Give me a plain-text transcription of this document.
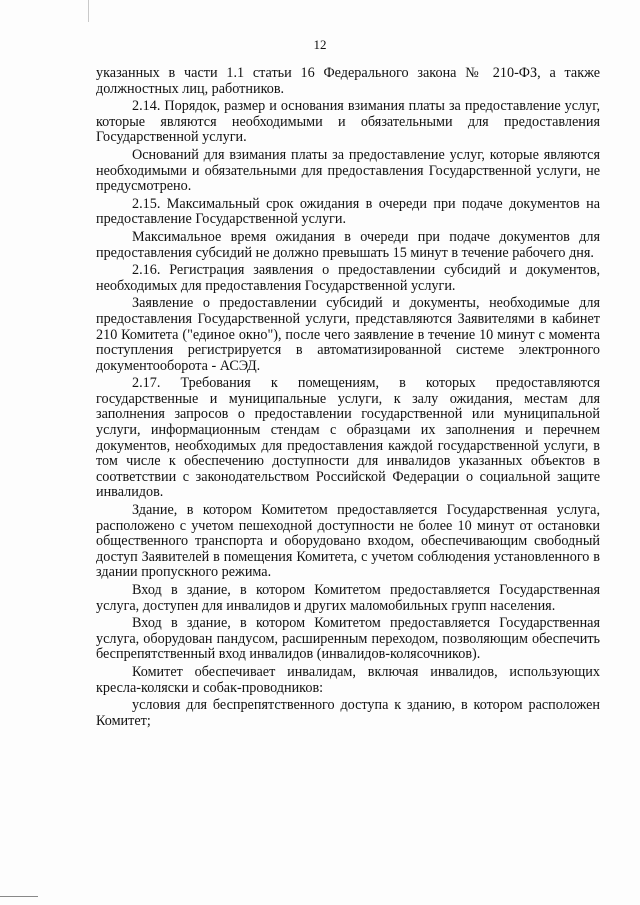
12

указанных в части 1.1 статьи 16 Федерального закона № 210-ФЗ, а также должностных лиц, работников.

2.14. Порядок, размер и основания взимания платы за предоставление услуг, которые являются необходимыми и обязательными для предоставления Государственной услуги.

Оснований для взимания платы за предоставление услуг, которые являются необходимыми и обязательными для предоставления Государственной услуги, не предусмотрено.

2.15. Максимальный срок ожидания в очереди при подаче документов на предоставление Государственной услуги.

Максимальное время ожидания в очереди при подаче документов для предоставления субсидий не должно превышать 15 минут в течение рабочего дня.

2.16. Регистрация заявления о предоставлении субсидий и документов, необходимых для предоставления Государственной услуги.

Заявление о предоставлении субсидий и документы, необходимые для предоставления Государственной услуги, представляются Заявителями в кабинет 210 Комитета ("единое окно"), после чего заявление в течение 10 минут с момента поступления регистрируется в автоматизированной системе электронного документооборота - АСЭД.

2.17. Требования к помещениям, в которых предоставляются государственные и муниципальные услуги, к залу ожидания, местам для заполнения запросов о предоставлении государственной или муниципальной услуги, информационным стендам с образцами их заполнения и перечнем документов, необходимых для предоставления каждой государственной услуги, в том числе к обеспечению доступности для инвалидов указанных объектов в соответствии с законодательством Российской Федерации о социальной защите инвалидов.

Здание, в котором Комитетом предоставляется Государственная услуга, расположено с учетом пешеходной доступности не более 10 минут от остановки общественного транспорта и оборудовано входом, обеспечивающим свободный доступ Заявителей в помещения Комитета, с учетом соблюдения установленного в здании пропускного режима.

Вход в здание, в котором Комитетом предоставляется Государственная услуга, доступен для инвалидов и других маломобильных групп населения.

Вход в здание, в котором Комитетом предоставляется Государственная услуга, оборудован пандусом, расширенным переходом, позволяющим обеспечить беспрепятственный вход инвалидов (инвалидов-колясочников).

Комитет обеспечивает инвалидам, включая инвалидов, использующих кресла-коляски и собак-проводников:

условия для беспрепятственного доступа к зданию, в котором расположен Комитет;
